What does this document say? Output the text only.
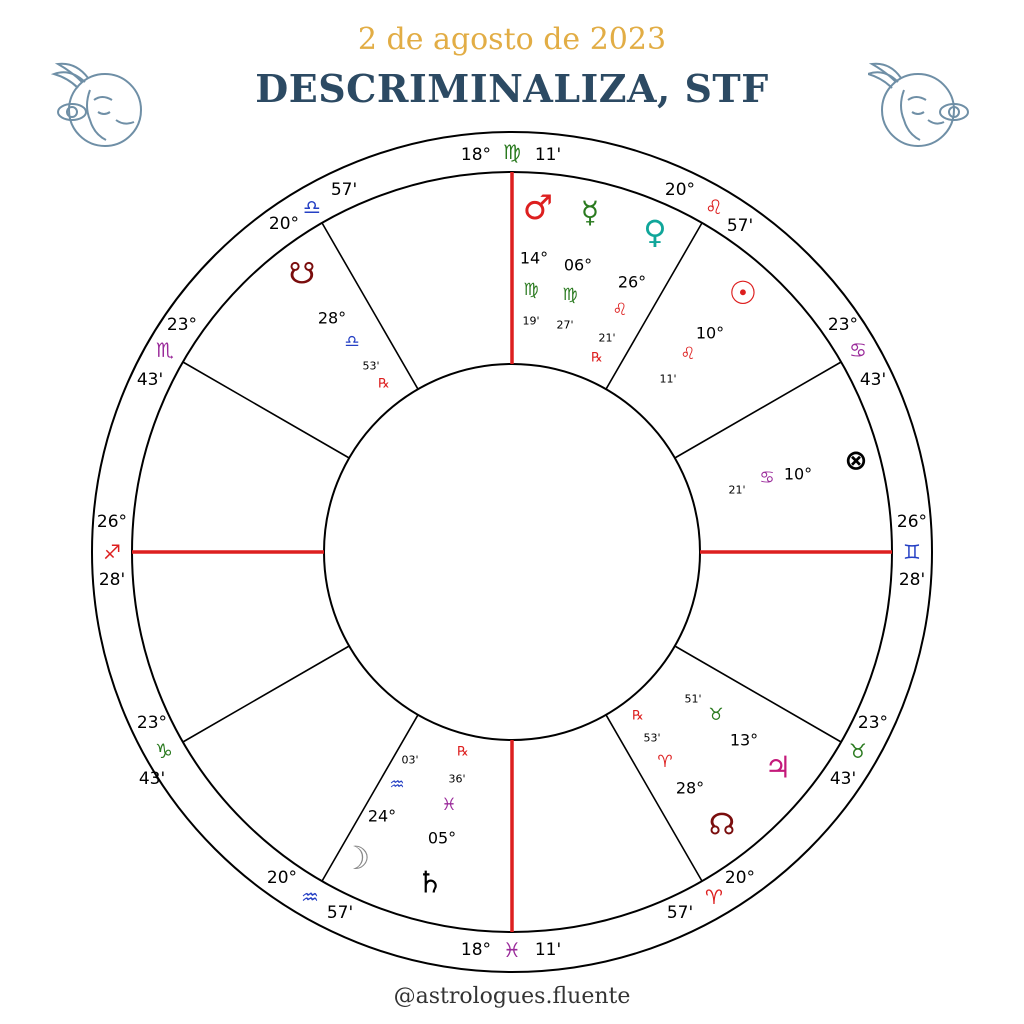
2 de agosto de 2023
DESCRIMINALIZA, STF
18° ♍ 11'
20°
♌
57'
23°
♋
43'
26°
♊
28'
23°
♉
43'
20°
♈
57'
18° ♓ 11'
20°
♒
57'
23°
♑
43'
26°
♐
28'
23°
♏
43'
20°
♎
57'	♂
14°
♍
19'
☿
06°
♍
27'
♀
26°
♌
21'
℞
☉
10°
♌
11'
⊗
10°
♋
21'
♃
13°
♉
51'
☊
28°
♈
53'
℞
♄
05°
♓
36'
℞
☽
24°
♒
03'
☋
28°
♎
53'
℞
@astrologues.fluente
